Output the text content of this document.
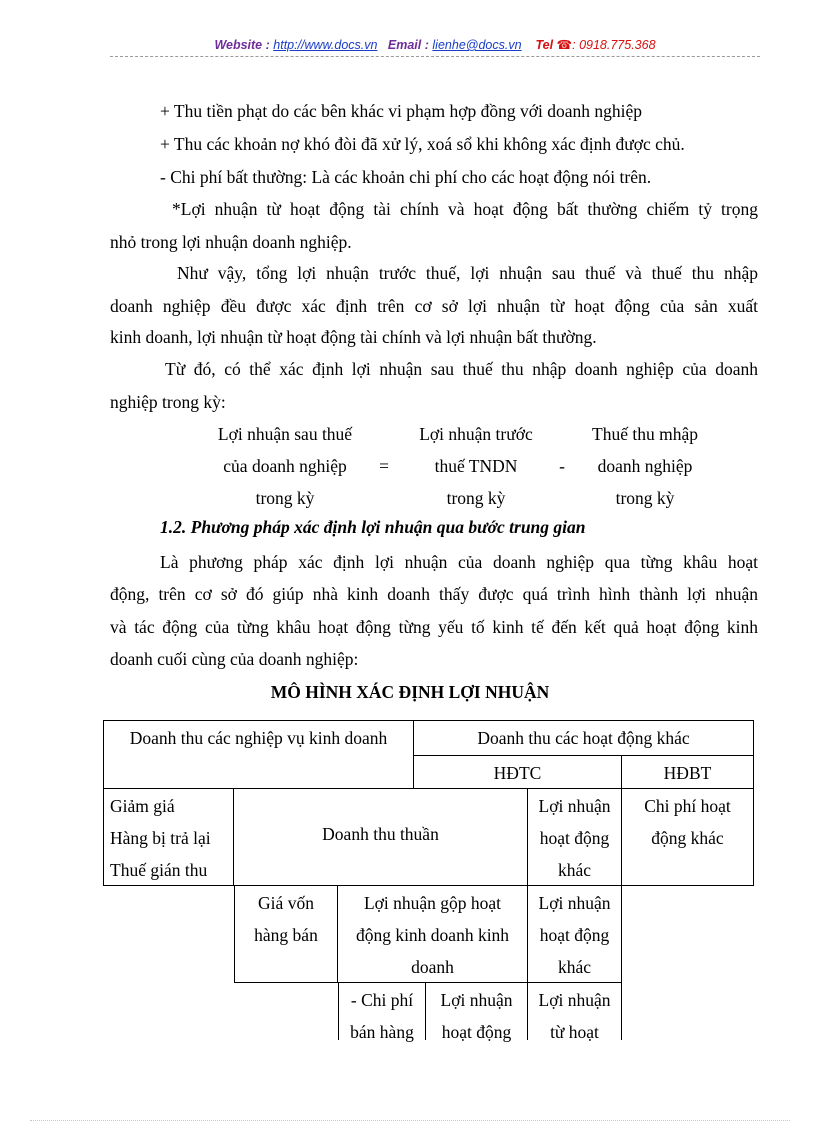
Website : http://www.docs.vn Email : lienhe@docs.vn Tel ☎: 0918.775.368

+ Thu tiền phạt do các bên khác vi phạm hợp đồng với doanh nghiệp

+ Thu các khoản nợ khó đòi đã xử lý, xoá sổ khi không xác định được chủ.

- Chi phí bất thường: Là các khoản chi phí cho các hoạt động nói trên.

*Lợi nhuận từ hoạt động tài chính và hoạt động bất thường chiếm tỷ trọng

nhỏ trong lợi nhuận doanh nghiệp.

Như vậy, tổng lợi nhuận trước thuế, lợi nhuận sau thuế và thuế thu nhập

doanh nghiệp đều được xác định trên cơ sở lợi nhuận từ hoạt động của sản xuất

kinh doanh, lợi nhuận từ hoạt động tài chính và lợi nhuận bất thường.

Từ đó, có thể xác định lợi nhuận sau thuế thu nhập doanh nghiệp của doanh

nghiệp trong kỳ:

Lợi nhuận sau thuế
của doanh nghiệp
trong kỳ
=
Lợi nhuận trước
thuế TNDN
trong kỳ
-
Thuế thu mhập
doanh nghiệp
trong kỳ
1.2. Phương pháp xác định lợi nhuận qua bước trung gian

Là phương pháp xác định lợi nhuận của doanh nghiệp qua từng khâu hoạt

động, trên cơ sở đó giúp nhà kinh doanh thấy được quá trình hình thành lợi nhuận

và tác động của từng khâu hoạt động từng yếu tố kinh tế đến kết quả hoạt động kinh

doanh cuối cùng của doanh nghiệp:

MÔ HÌNH XÁC ĐỊNH LỢI NHUẬN
Doanh thu các nghiệp vụ kinh doanh	Doanh thu các hoạt động khác
HĐTC	HĐBT
Giảm giá
Hàng bị trả lại
Thuế gián thu
Doanh thu thuần
Lợi nhuận
hoạt động
khác
Chi phí hoạt
động khác
Giá vốn
hàng bán
Lợi nhuận gộp hoạt
động kinh doanh kinh
doanh
Lợi nhuận
hoạt động
khác
- Chi phí
bán hàng
Lợi nhuận
hoạt động
Lợi nhuận
từ hoạt
